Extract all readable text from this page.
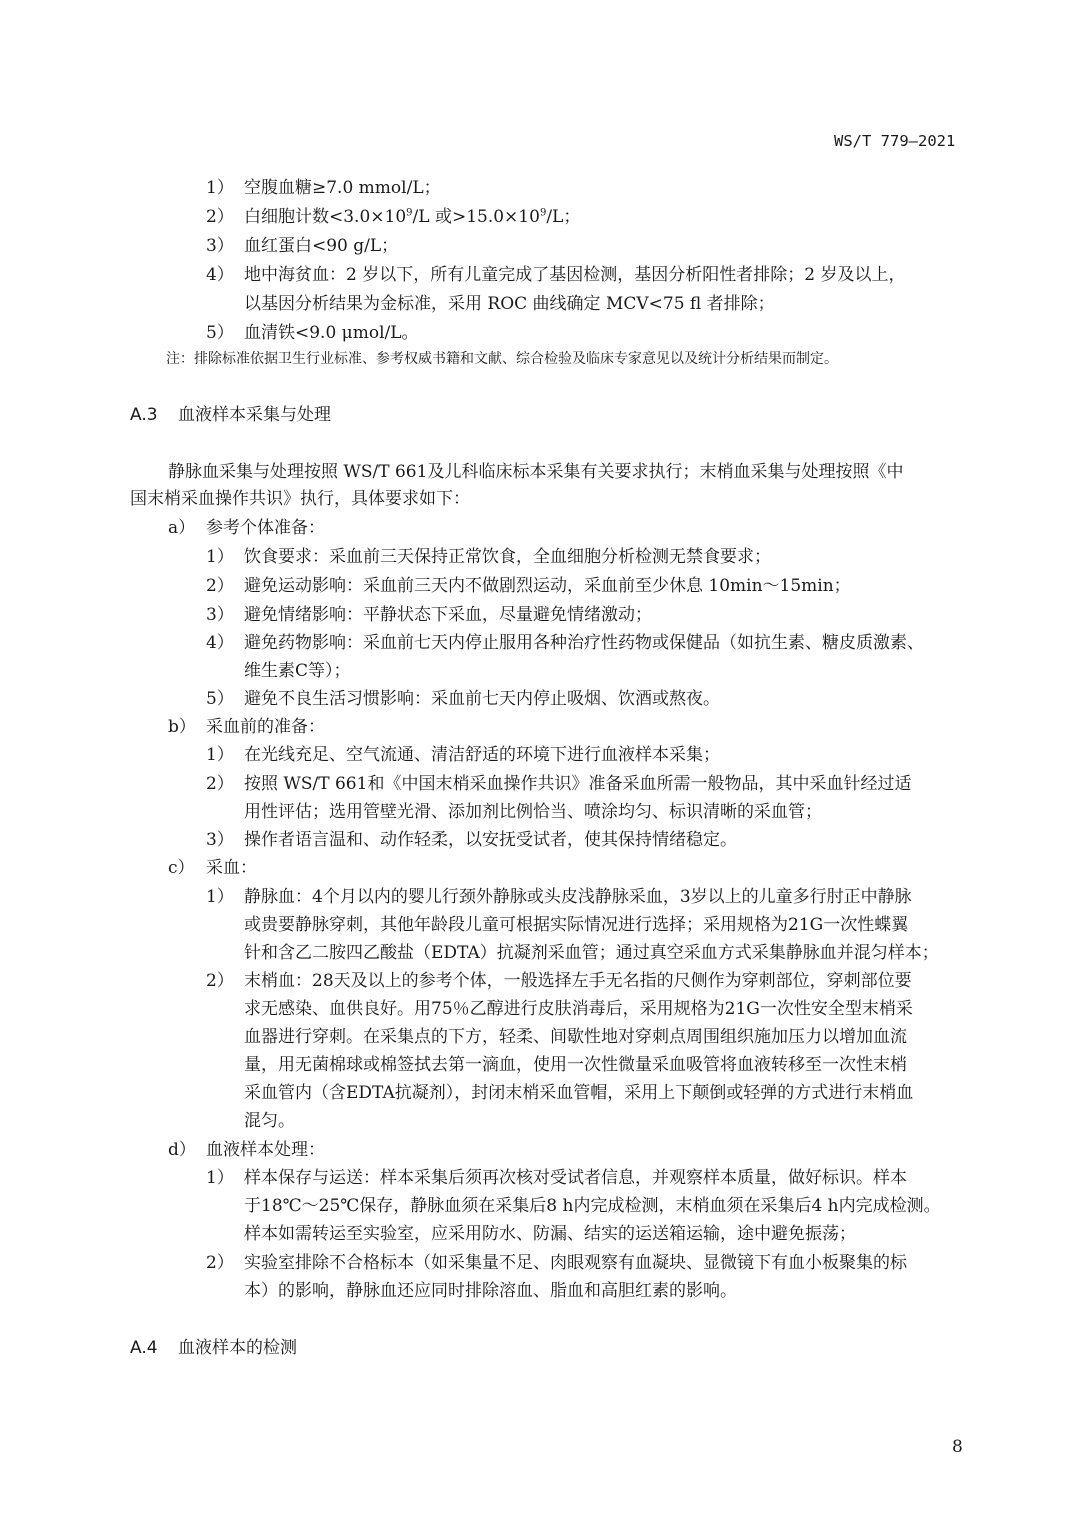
WS/T 779—2021
1） 空腹血糖≥7.0 mmol/L；
2） 白细胞计数$<3.0\times 10^9/L$ 或$>15.0\times 10^9/L$；
3） 血红蛋白<90 g/L；
4） 地中海贫血：2 岁以下，所有儿童完成了基因检测，基因分析阳性者排除；2 岁及以上，
以基因分析结果为金标准，采用 ROC 曲线确定 MCV<75 fl 者排除；
5） 血清铁<9.0 μmol/L。
注：排除标准依据卫生行业标准、参考权威书籍和文献、综合检验及临床专家意见以及统计分析结果而制定。
A.3 血液样本采集与处理
静脉血采集与处理按照 WS/T 661及儿科临床标本采集有关要求执行；末梢血采集与处理按照《中
国末梢采血操作共识》执行，具体要求如下：
a） 参考个体准备：
1） 饮食要求：采血前三天保持正常饮食，全血细胞分析检测无禁食要求；
2） 避免运动影响：采血前三天内不做剧烈运动，采血前至少休息 10min～15min；
3） 避免情绪影响：平静状态下采血，尽量避免情绪激动；
4） 避免药物影响：采血前七天内停止服用各种治疗性药物或保健品（如抗生素、糖皮质激素、
维生素C等）；
5） 避免不良生活习惯影响：采血前七天内停止吸烟、饮酒或熬夜。
b） 采血前的准备：
1） 在光线充足、空气流通、清洁舒适的环境下进行血液样本采集；
2） 按照 WS/T 661和《中国末梢采血操作共识》准备采血所需一般物品，其中采血针经过适
用性评估；选用管壁光滑、添加剂比例恰当、喷涂均匀、标识清晰的采血管；
3） 操作者语言温和、动作轻柔，以安抚受试者，使其保持情绪稳定。
c） 采血：
1） 静脉血：4个月以内的婴儿行颈外静脉或头皮浅静脉采血，3岁以上的儿童多行肘正中静脉
或贵要静脉穿刺，其他年龄段儿童可根据实际情况进行选择；采用规格为21G一次性蝶翼
针和含乙二胺四乙酸盐（EDTA）抗凝剂采血管；通过真空采血方式采集静脉血并混匀样本；
2） 末梢血：28天及以上的参考个体，一般选择左手无名指的尺侧作为穿刺部位，穿刺部位要
求无感染、血供良好。用75％乙醇进行皮肤消毒后，采用规格为21G一次性安全型末梢采
血器进行穿刺。在采集点的下方，轻柔、间歇性地对穿刺点周围组织施加压力以增加血流
量，用无菌棉球或棉签拭去第一滴血，使用一次性微量采血吸管将血液转移至一次性末梢
采血管内（含EDTA抗凝剂），封闭末梢采血管帽，采用上下颠倒或轻弹的方式进行末梢血
混匀。
d） 血液样本处理：
1） 样本保存与运送：样本采集后须再次核对受试者信息，并观察样本质量，做好标识。样本
于18℃～25℃保存，静脉血须在采集后8 h内完成检测，末梢血须在采集后4 h内完成检测。
样本如需转运至实验室，应采用防水、防漏、结实的运送箱运输，途中避免振荡；
2） 实验室排除不合格标本（如采集量不足、肉眼观察有血凝块、显微镜下有血小板聚集的标
本）的影响，静脉血还应同时排除溶血、脂血和高胆红素的影响。
A.4 血液样本的检测
8
